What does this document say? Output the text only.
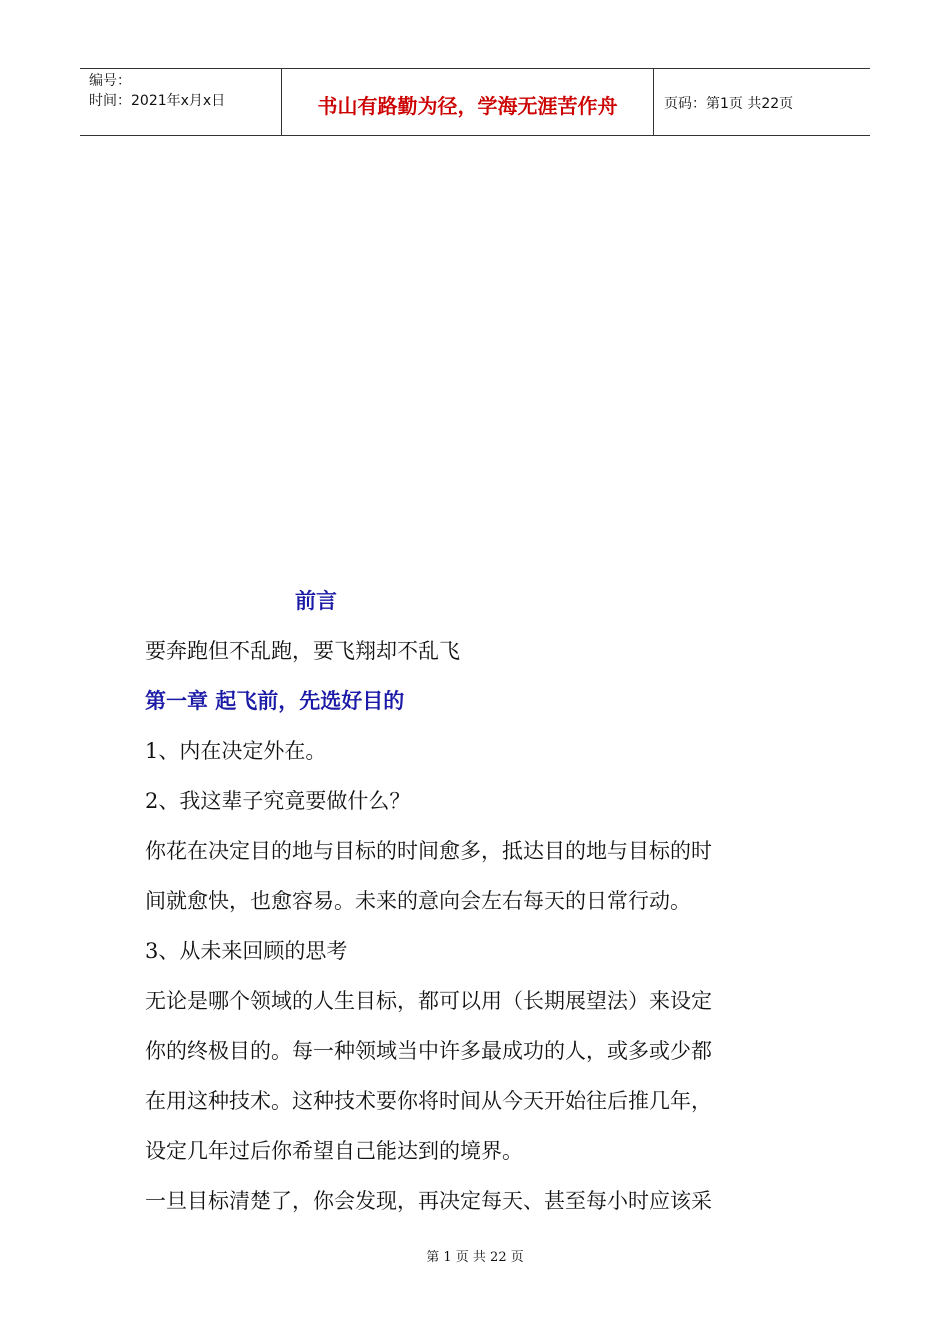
编号：
时间：2021年x月x日	书山有路勤为径，学海无涯苦作舟	页码：第1页 共22页
前言
要奔跑但不乱跑，要飞翔却不乱飞
第一章 起飞前，先选好目的
1、内在决定外在。
2、我这辈子究竟要做什么？
你花在决定目的地与目标的时间愈多，抵达目的地与目标的时
间就愈快，也愈容易。未来的意向会左右每天的日常行动。
3、从未来回顾的思考
无论是哪个领域的人生目标，都可以用（长期展望法）来设定
你的终极目的。每一种领域当中许多最成功的人，或多或少都
在用这种技术。这种技术要你将时间从今天开始往后推几年，
设定几年过后你希望自己能达到的境界。
一旦目标清楚了，你会发现，再决定每天、甚至每小时应该采
第 1 页 共 22 页
